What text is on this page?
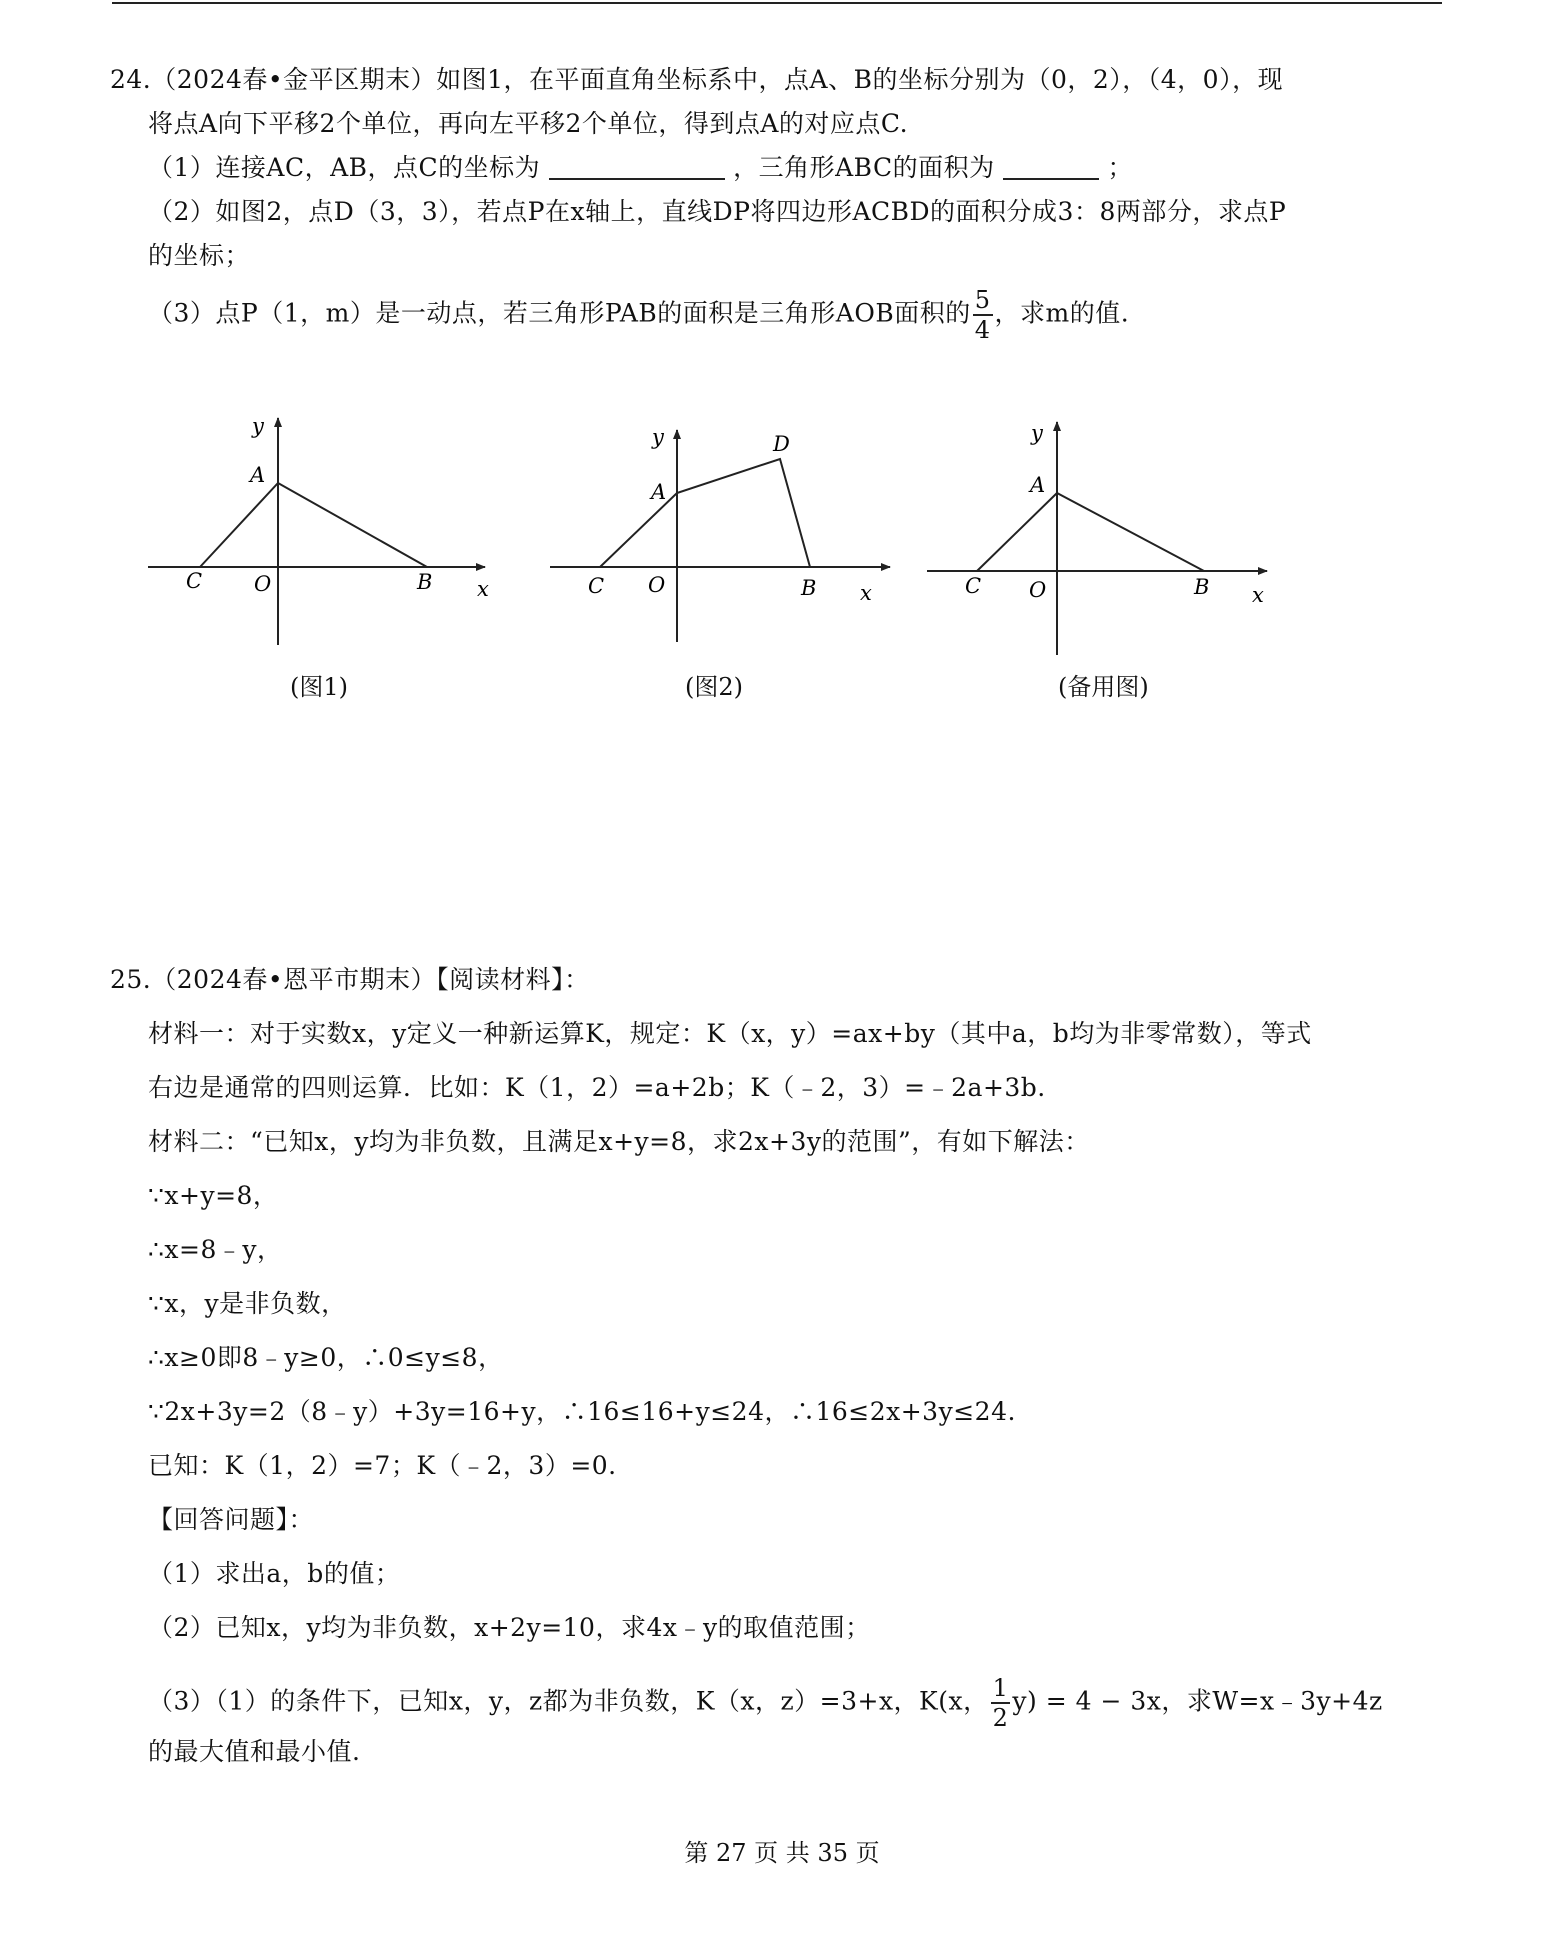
24.（2024春•金平区期末）如图1，在平面直角坐标系中，点A、B的坐标分别为（0，2），（4，0），现
将点A向下平移2个单位，再向左平移2个单位，得到点A的对应点C.
（1）连接AC，AB，点C的坐标为	，三角形ABC的面积为	；
（2）如图2，点D（3，3），若点P在x轴上，直线DP将四边形ACBD的面积分成3：8两部分，求点P
的坐标；
（3）点P（1，m）是一动点，若三角形PAB的面积是三角形AOB面积的 $\frac{5}{4}$ ，求m的值.
y
A
C O	B x
(图1)
y
A
D
C O	B x
(图2)
y
A
C O	B x
(备用图)
25.（2024春•恩平市期末）【阅读材料】：
材料一：对于实数x，y定义一种新运算K，规定：K（x，y）=ax+by（其中a，b均为非零常数），等式
右边是通常的四则运算．比如：K（1，2）=a+2b；K（﹣2，3）=﹣2a+3b.
材料二：“已知x，y均为非负数，且满足x+y=8，求2x+3y的范围”，有如下解法：
∵x+y=8，
∴x=8﹣y，
∵x，y是非负数，
∴x≥0即8﹣y≥0，∴0≤y≤8，
∵2x+3y=2（8﹣y）+3y=16+y，∴16≤16+y≤24，∴16≤2x+3y≤24.
已知：K（1，2）=7；K（﹣2，3）=0.
【回答问题】：
（1）求出a，b的值；
（2）已知x，y均为非负数，x+2y=10，求4x﹣y的取值范围；
（3）（1）的条件下，已知x，y，z都为非负数，K（x，z）=3+x，K(x， $\frac{1}{2} y) = 4 - 3x$，求W=x﹣3y+4z
的最大值和最小值.
第 27 页 共 35 页
